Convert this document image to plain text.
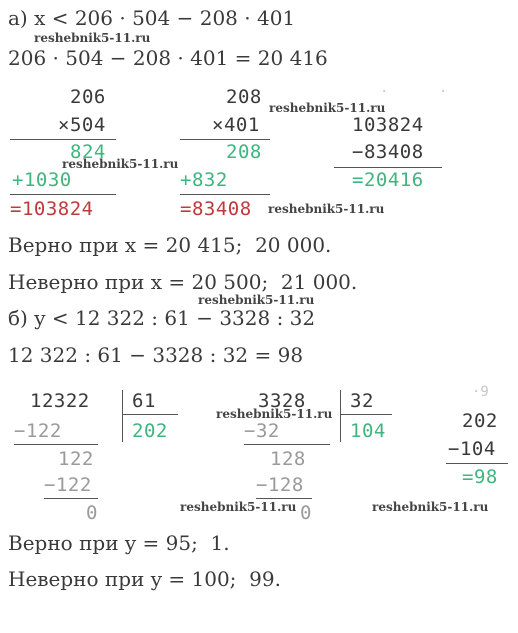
а) x < 206 · 504 − 208 · 401
reshebnik5-11.ru
206 · 504 − 208 · 401 = 20 416
206
×504
824
reshebnik5-11.ru
+1030
=103824
208 reshebnik5-11.ru
×401
208
+832
=83408 reshebnik5-11.ru
·      ·
103824
−83408
=20416
Верно при x = 20 415;  20 000.
Неверно при x = 20 500;  21 000.
reshebnik5-11.ru
б) y < 12 322 : 61 − 3328 : 32
12 322 : 61 − 3328 : 32 = 98
12322 61
202
−122
122
−122
0	reshebnik5-11.ru
reshebnik5-11.ru
3328 32
104
−32
128
−128
0
·9
202
−104
=98
reshebnik5-11.ru
Верно при y = 95;  1.
Неверно при y = 100;  99.
